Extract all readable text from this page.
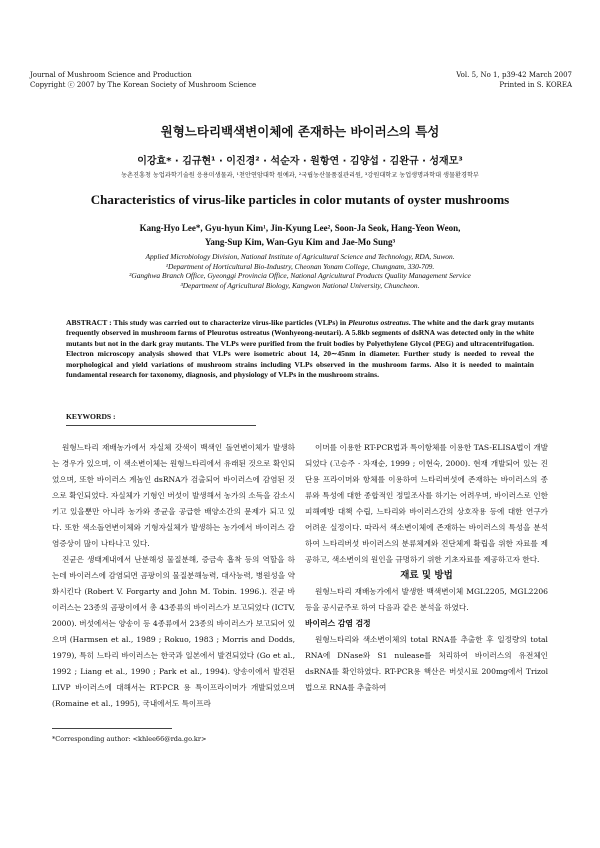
Journal of Mushroom Science and Production
Copyright ⓒ 2007 by The Korean Society of Mushroom Science
Vol. 5, No 1, p39-42 March 2007
Printed in S. KOREA
원형느타리백색변이체에 존재하는 바이러스의 특성
이강효* · 김규현¹ · 이진경² · 석순자 · 원항연 · 김양섭 · 김완규 · 성재모³
농촌진흥청 농업과학기술원 응용미생물과, ¹천안연암대학 원예과, ²국립농산물품질관리원, ³강원대학교 농업생명과학대 생물환경학부
Characteristics of virus-like particles in color mutants of oyster mushrooms
Kang-Hyo Lee*, Gyu-hyun Kim¹, Jin-Kyung Lee², Soon-Ja Seok, Hang-Yeon Weon,
Yang-Sup Kim, Wan-Gyu Kim and Jae-Mo Sung³
Applied Microbiology Division, National Institute of Agricultural Science and Technology, RDA, Suwon.
¹Department of Horticultural Bio-Industry, Cheonan Yonam College, Chungnam, 330-709.
²Ganghwa Branch Office, Gyeonggi Provincia Office, National Agricultural Products Quality Management Service
³Department of Agricultural Biology, Kangwon National University, Chuncheon.
ABSTRACT : This study was carried out to characterize virus-like particles (VLPs) in Pleurotus ostreatus. The white and the dark gray mutants frequently observed in mushroom farms of Pleurotus ostreatus (Wonhyeong-neutari). A 5.8kb segments of dsRNA was detected only in the white mutants but not in the dark gray mutants. The VLPs were purified from the fruit bodies by Polyethylene Glycol (PEG) and ultracentrifugation. Electron microscopy analysis showed that VLPs were isometric about 14, 20∼45nm in diameter. Further study is needed to reveal the morphological and yield variations of mushroom strains including VLPs observed in the mushroom farms. Also it is needed to maintain fundamental research for taxonomy, diagnosis, and physiology of VLPs in the mushroom strains.
KEYWORDS :

원형느타리 재배농가에서 자실체 갓색이 백색인 돌연변이체가 발생하는 경우가 있으며, 이 색소변이체는 원형느타리에서 유래된 것으로 확인되었으며, 또한 바이러스 계놈인 dsRNA가 검출되어 바이러스에 감염된 것으로 확인되었다. 자실체가 기형인 버섯이 발생해서 농가의 소득을 감소시키고 있을뿐만 아니라 농가와 종균을 공급한 배양소간의 문제가 되고 있다. 또한 색소돌연변이체와 기형자실체가 발생하는 농가에서 바이러스 감염증상이 많이 나타나고 있다.

진균은 생태계내에서 난분해성 물질분해, 증금속 흡착 등의 역할을 하는데 바이러스에 감염되면 곰팡이의 물질분해능력, 대사능력, 병원성을 약화시킨다 (Robert V. Forgarty and John M. Tobin. 1996.). 진균 바이러스는 23종의 곰팡이에서 총 43종류의 바이러스가 보고되었다 (ICTV, 2000). 버섯에서는 양송이 등 4종류에서 23종의 바이러스가 보고되어 있으며 (Harmsen et al., 1989 ; Rokuo, 1983 ; Morris and Dodds, 1979), 특히 느타리 바이러스는 한국과 일본에서 발견되었다 (Go et al., 1992 ; Liang et al., 1990 ; Park et al., 1994). 양송이에서 발견된 LIVP 바이러스에 대해서는 RT-PCR 용 특이프라이머가 개발되었으며 (Romaine et al., 1995), 국내에서도 특이프라

이머를 이용한 RT-PCR법과 특이항체를 이용한 TAS-ELISA법이 개발되었다 (고승주 · 차재순, 1999 ; 이현숙, 2000). 현재 개발되어 있는 진단용 프라이머와 항체를 이용하여 느타리버섯에 존재하는 바이러스의 종류와 특성에 대한 종합적인 정밀조사를 하기는 어려우며, 바이러스로 인한 피해예방 대책 수립, 느타리와 바이러스간의 상호작용 등에 대한 연구가 어려운 실정이다. 따라서 색소변이체에 존재하는 바이러스의 특성을 분석하여 느타리버섯 바이러스의 분류체계와 진단체계 확립을 위한 자료를 제공하고, 색소변이의 원인을 규명하기 위한 기초자료를 제공하고자 한다.

재료 및 방법

원형느타리 재배농가에서 발생한 백색변이체 MGL2205, MGL2206 등을 공시균주로 하여 다음과 같은 분석을 하였다.

바이러스 감염 검정

원형느타리와 색소변이체의 total RNA를 추출한 후 일정량의 total RNA에 DNase와 S1 nulease를 처리하여 바이러스의 유전체인 dsRNA를 확인하였다. RT-PCR용 핵산은 버섯시료 200mg에서 Trizol법으로 RNA를 추출하여

*Corresponding author: <khlee66@rda.go.kr>
